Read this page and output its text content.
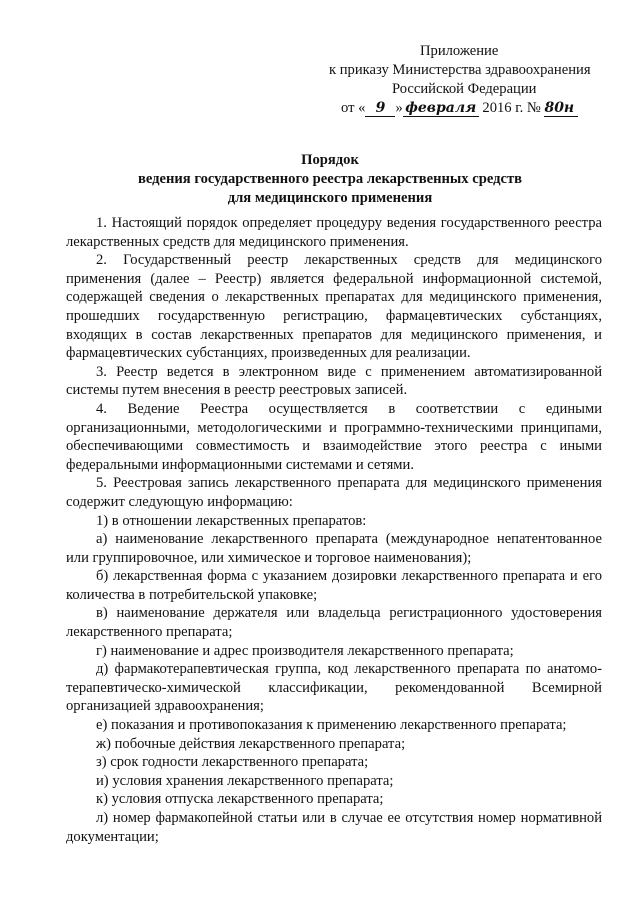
Приложение
к приказу Министерства здравоохранения
Российской Федерации
от « 9 » февраля 2016 г. № 80н
Порядок
ведения государственного реестра лекарственных средств
для медицинского применения

1. Настоящий порядок определяет процедуру ведения государственного реестра лекарственных средств для медицинского применения.

2. Государственный реестр лекарственных средств для медицинского применения (далее – Реестр) является федеральной информационной системой, содержащей сведения о лекарственных препаратах для медицинского применения, прошедших государственную регистрацию, фармацевтических субстанциях, входящих в состав лекарственных препаратов для медицинского применения, и фармацевтических субстанциях, произведенных для реализации.

3. Реестр ведется в электронном виде с применением автоматизированной системы путем внесения в реестр реестровых записей.

4. Ведение Реестра осуществляется в соответствии с едиными организационными, методологическими и программно-техническими принципами, обеспечивающими совместимость и взаимодействие этого реестра с иными федеральными информационными системами и сетями.

5. Реестровая запись лекарственного препарата для медицинского применения содержит следующую информацию:

1) в отношении лекарственных препаратов:

а) наименование лекарственного препарата (международное непатентованное или группировочное, или химическое и торговое наименования);

б) лекарственная форма с указанием дозировки лекарственного препарата и его количества в потребительской упаковке;

в) наименование держателя или владельца регистрационного удостоверения лекарственного препарата;

г) наименование и адрес производителя лекарственного препарата;

д) фармакотерапевтическая группа, код лекарственного препарата по анатомо-терапевтическо-химической классификации, рекомендованной Всемирной организацией здравоохранения;

е) показания и противопоказания к применению лекарственного препарата;

ж) побочные действия лекарственного препарата;

з) срок годности лекарственного препарата;

и) условия хранения лекарственного препарата;

к) условия отпуска лекарственного препарата;

л) номер фармакопейной статьи или в случае ее отсутствия номер нормативной документации;
